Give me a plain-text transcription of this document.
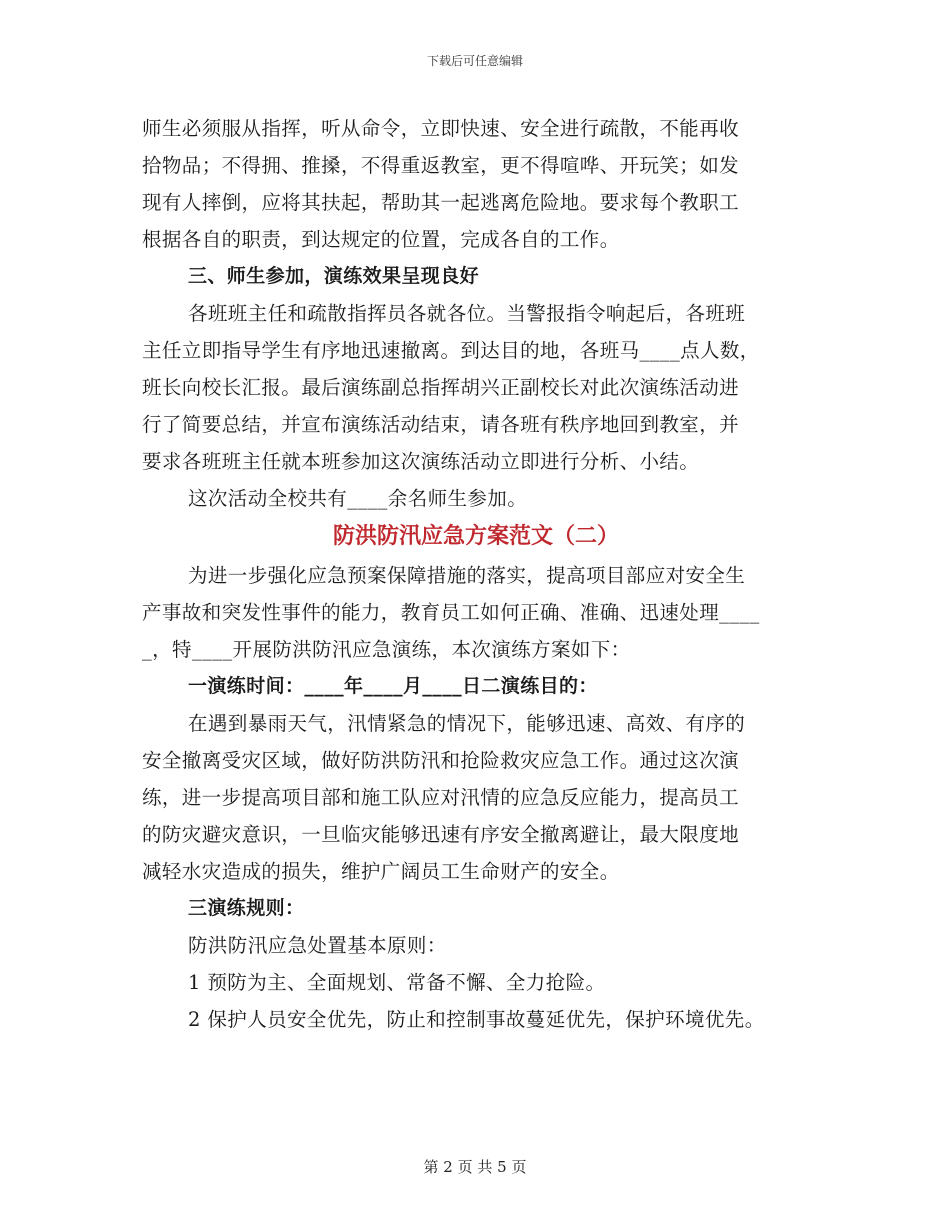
下载后可任意编辑

师生必须服从指挥，听从命令，立即快速、安全进行疏散，不能再收
拾物品；不得拥、推搡，不得重返教室，更不得喧哗、开玩笑；如发
现有人摔倒，应将其扶起，帮助其一起逃离危险地。要求每个教职工
根据各自的职责，到达规定的位置，完成各自的工作。

三、师生参加，演练效果呈现良好

各班班主任和疏散指挥员各就各位。当警报指令响起后，各班班
主任立即指导学生有序地迅速撤离。到达目的地，各班马____点人数，
班长向校长汇报。最后演练副总指挥胡兴正副校长对此次演练活动进
行了简要总结，并宣布演练活动结束，请各班有秩序地回到教室，并
要求各班班主任就本班参加这次演练活动立即进行分析、小结。

这次活动全校共有____余名师生参加。

防洪防汛应急方案范文（二）

为进一步强化应急预案保障措施的落实，提高项目部应对安全生
产事故和突发性事件的能力，教育员工如何正确、准确、迅速处理____
_，特____开展防洪防汛应急演练，本次演练方案如下：

一演练时间：____年____月____日二演练目的：

在遇到暴雨天气，汛情紧急的情况下，能够迅速、高效、有序的
安全撤离受灾区域，做好防洪防汛和抢险救灾应急工作。通过这次演
练，进一步提高项目部和施工队应对汛情的应急反应能力，提高员工
的防灾避灾意识，一旦临灾能够迅速有序安全撤离避让，最大限度地
减轻水灾造成的损失，维护广阔员工生命财产的安全。

三演练规则：

防洪防汛应急处置基本原则：

1 预防为主、全面规划、常备不懈、全力抢险。

2 保护人员安全优先，防止和控制事故蔓延优先，保护环境优先。

第 2 页 共 5 页
